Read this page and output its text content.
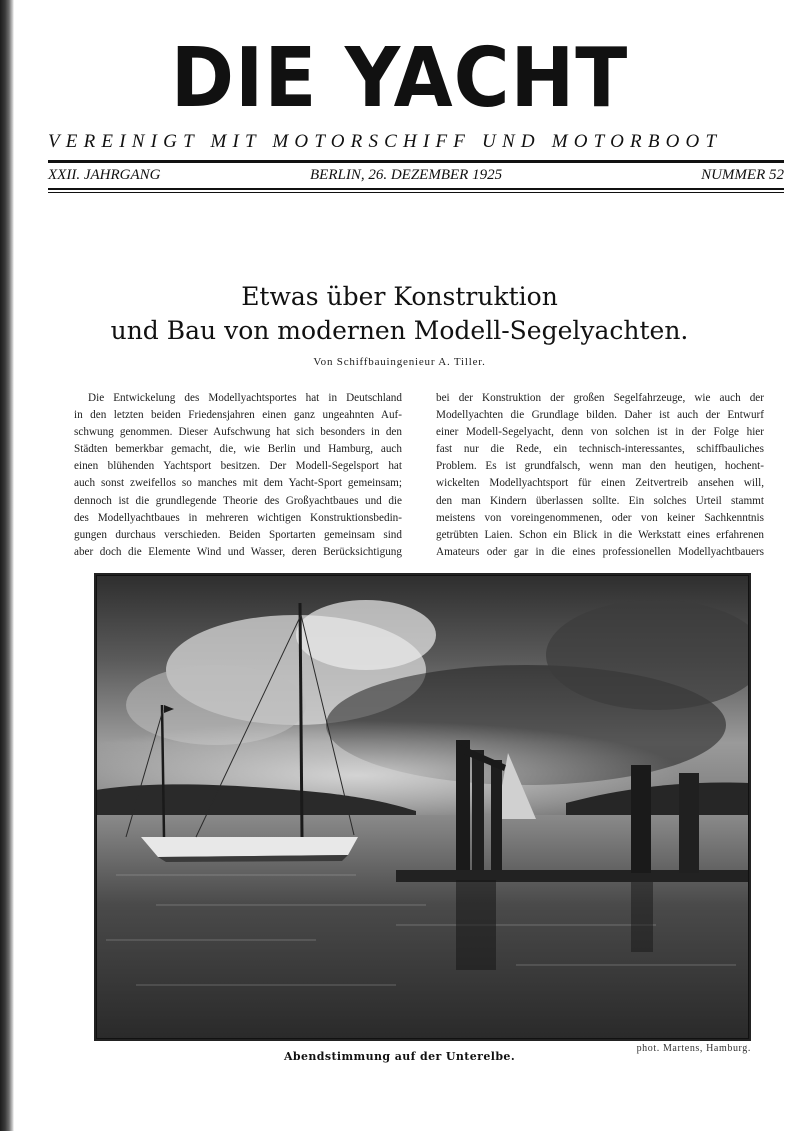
DIE YACHT
VEREINIGT MIT MOTORSCHIFF UND MOTORBOOT
XXII. JAHRGANG	BERLIN, 26. DEZEMBER 1925	NUMMER 52
Etwas über Konstruktion
und Bau von modernen Modell-Segelyachten.
Von Schiffbauingenieur A. Tiller.
Die Entwickelung des Modellyachtsportes hat in Deutschland
in den letzten beiden Friedensjahren einen ganz ungeahnten Auf-
schwung genommen. Dieser Aufschwung hat sich besonders in den
Städten bemerkbar gemacht, die, wie Berlin und Hamburg, auch
einen blühenden Yachtsport besitzen. Der Modell-Segelsport hat
auch sonst zweifellos so manches mit dem Yacht-Sport gemeinsam;
dennoch ist die grundlegende Theorie des Großyachtbaues und die
des Modellyachtbaues in mehreren wichtigen Konstruktionsbedin-
gungen durchaus verschieden. Beiden Sportarten gemeinsam sind
aber doch die Elemente Wind und Wasser, deren Berücksichtigung
bei der Konstruktion der großen Segelfahrzeuge, wie auch der
Modellyachten die Grundlage bilden. Daher ist auch der Entwurf
einer Modell-Segelyacht, denn von solchen ist in der Folge hier
fast nur die Rede, ein technisch-interessantes, schiffbauliches
Problem. Es ist grundfalsch, wenn man den heutigen, hochent-
wickelten Modellyachtsport für einen Zeitvertreib ansehen will,
den man Kindern überlassen sollte. Ein solches Urteil stammt
meistens von voreingenommenen, oder von keiner Sachkenntnis
getrübten Laien. Schon ein Blick in die Werkstatt eines erfahrenen
Amateurs oder gar in die eines professionellen Modellyachtbauers
Abendstimmung auf der Unterelbe.
phot. Martens, Hamburg.
